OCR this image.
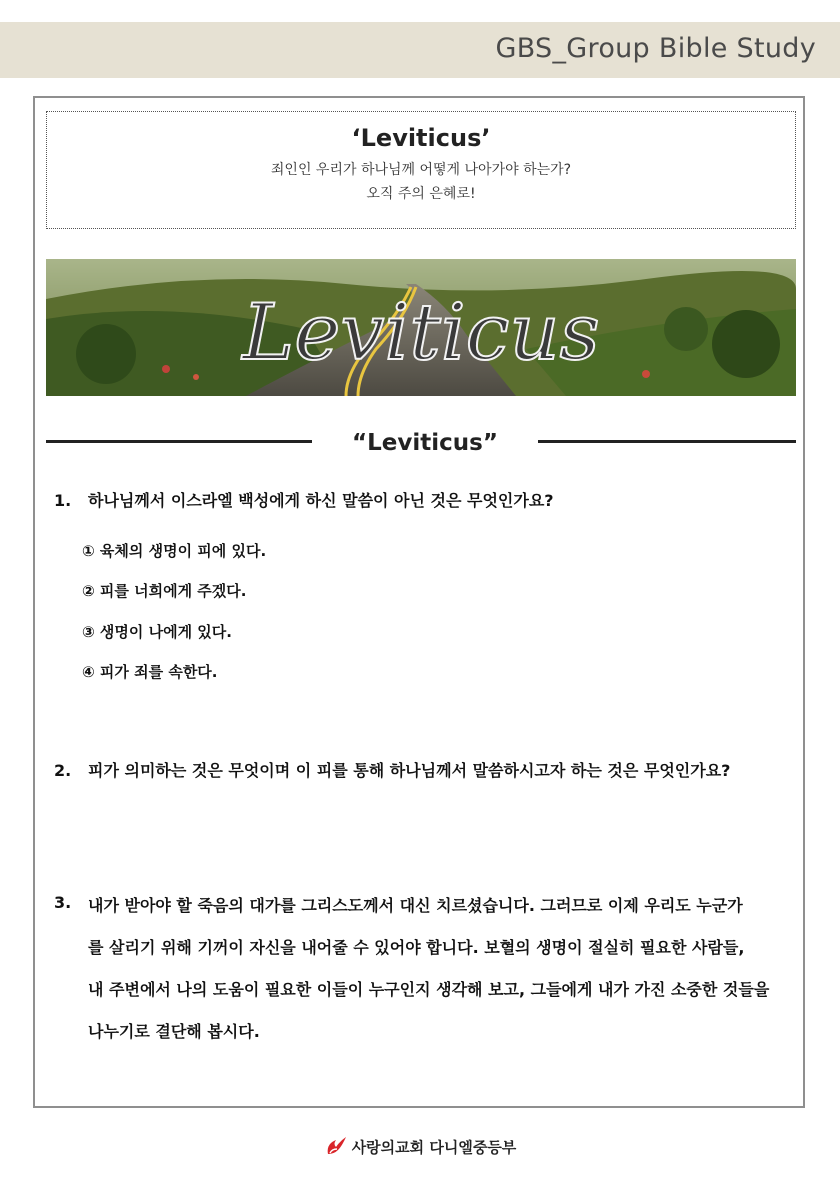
GBS_Group Bible Study
‘Leviticus’
죄인인 우리가 하나님께 어떻게 나아가야 하는가?
오직 주의 은혜로!
Leviticus
“Leviticus”
1. 하나님께서 이스라엘 백성에게 하신 말씀이 아닌 것은 무엇인가요?
① 육체의 생명이 피에 있다.
② 피를 너희에게 주겠다.
③ 생명이 나에게 있다.
④ 피가 죄를 속한다.
2. 피가 의미하는 것은 무엇이며 이 피를 통해 하나님께서 말씀하시고자 하는 것은 무엇인가요?
3.	내가 받아야 할 죽음의 대가를 그리스도께서 대신 치르셨습니다. 그러므로 이제 우리도 누군가
를 살리기 위해 기꺼이 자신을 내어줄 수 있어야 합니다. 보혈의 생명이 절실히 필요한 사람들,
내 주변에서 나의 도움이 필요한 이들이 누구인지 생각해 보고, 그들에게 내가 가진 소중한 것들을
나누기로 결단해 봅시다.
사랑의교회 다니엘중등부
